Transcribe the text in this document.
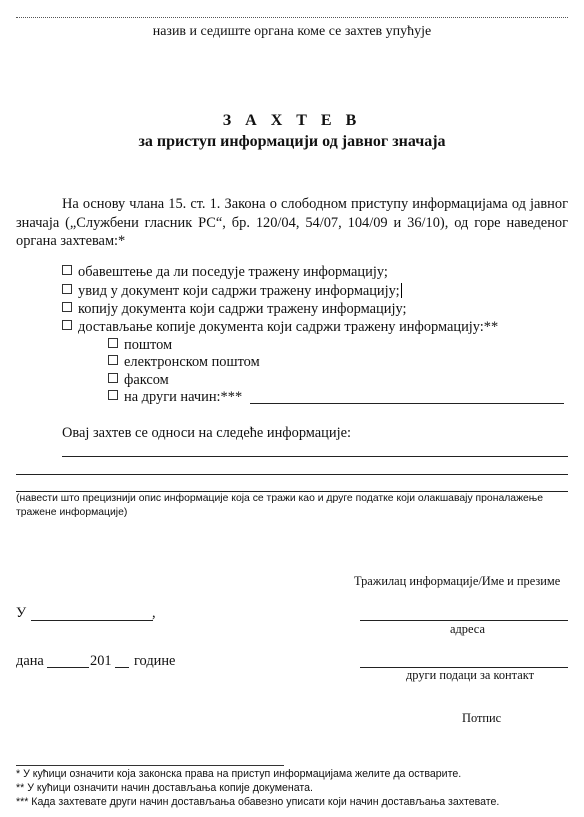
назив и седиште органа коме се захтев упућује
З А Х Т Е В
за приступ информацији од јавног значаја
На основу члана 15. ст. 1. Закона о слободном приступу информацијама од јавног значаја („Службени гласник РС“, бр. 120/04, 54/07, 104/09 и 36/10), од горе наведеног органа захтевам:*
обавештење да ли поседује тражену информацију;
увид у документ који садржи тражену информацију;
копију документа који садржи тражену информацију;
достављање копије документа који садржи тражену информацију:**
поштом
електронском поштом
факсом
на други начин:***
Овај захтев се односи на следеће информације:
(навести што прецизнији опис информације која се тражи као и друге податке који олакшавају проналажење тражене информације)
Тражилац информације/Име и презиме
У	,
адреса
дана	201 године
други подаци за контакт
Потпис
* У кућици означити која законска права на приступ информацијама желите да остварите.
** У кућици означити начин достављања копије докумената.
*** Када захтевате други начин достављања обавезно уписати који начин достављања захтевате.
